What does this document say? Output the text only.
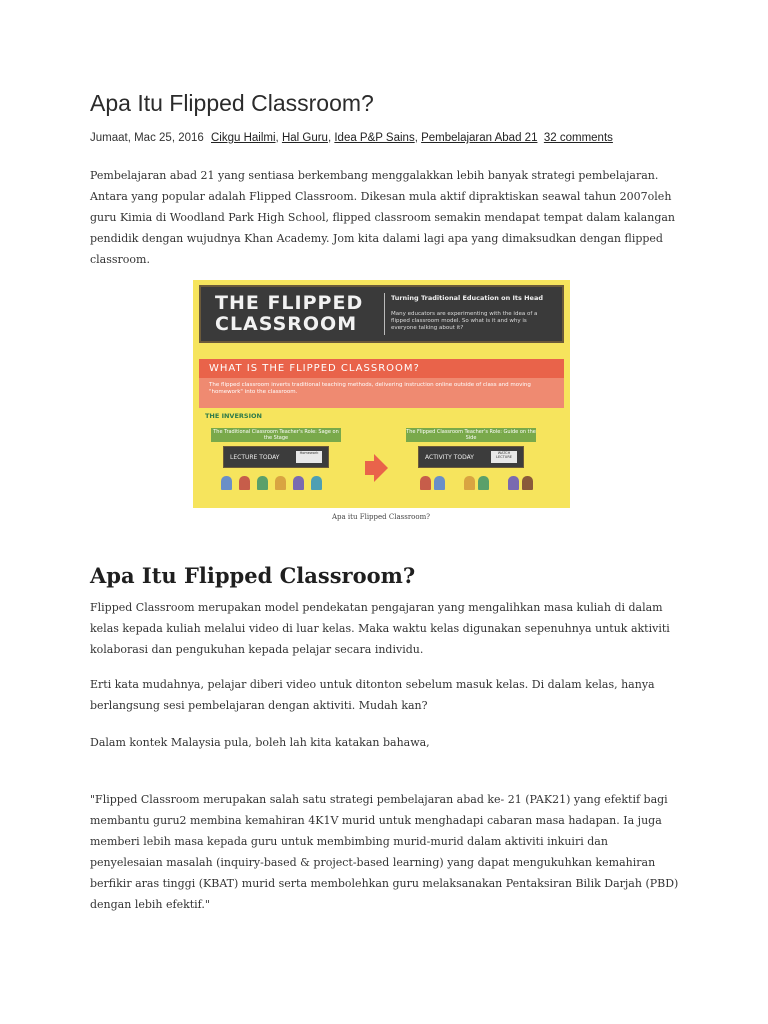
Apa Itu Flipped Classroom?
Jumaat, Mac 25, 2016 Cikgu Hailmi, Hal Guru, Idea P&P Sains, Pembelajaran Abad 21 32 comments

Pembelajaran abad 21 yang sentiasa berkembang menggalakkan lebih banyak strategi pembelajaran. Antara yang popular adalah Flipped Classroom. Dikesan mula aktif dipraktiskan seawal tahun 2007oleh guru Kimia di Woodland Park High School, flipped classroom semakin mendapat tempat dalam kalangan pendidik dengan wujudnya Khan Academy. Jom kita dalami lagi apa yang dimaksudkan dengan flipped classroom.

THE FLIPPED CLASSROOM
Turning Traditional Education on Its Head
Many educators are experimenting with the idea of a flipped classroom model. So what is it and why is everyone talking about it?
WHAT IS THE FLIPPED CLASSROOM?
The flipped classroom inverts traditional teaching methods, delivering instruction online outside of class and moving "homework" into the classroom.
THE INVERSION
The Traditional Classroom Teacher's Role: Sage on the Stage
LECTURE TODAY
Homework
The Flipped Classroom Teacher's Role: Guide on the Side
ACTIVITY TODAY
WATCH LECTURE
Apa itu Flipped Classroom?
Apa Itu Flipped Classroom?

Flipped Classroom merupakan model pendekatan pengajaran yang mengalihkan masa kuliah di dalam kelas kepada kuliah melalui video di luar kelas. Maka waktu kelas digunakan sepenuhnya untuk aktiviti kolaborasi dan pengukuhan kepada pelajar secara individu.

Erti kata mudahnya, pelajar diberi video untuk ditonton sebelum masuk kelas. Di dalam kelas, hanya berlangsung sesi pembelajaran dengan aktiviti. Mudah kan?

Dalam kontek Malaysia pula, boleh lah kita katakan bahawa,

"Flipped Classroom merupakan salah satu strategi pembelajaran abad ke- 21 (PAK21) yang efektif bagi membantu guru2 membina kemahiran 4K1V murid untuk menghadapi cabaran masa hadapan. Ia juga memberi lebih masa kepada guru untuk membimbing murid-murid dalam aktiviti inkuiri dan penyelesaian masalah (inquiry-based & project-based learning) yang dapat mengukuhkan kemahiran berfikir aras tinggi (KBAT) murid serta membolehkan guru melaksanakan Pentaksiran Bilik Darjah (PBD) dengan lebih efektif."
